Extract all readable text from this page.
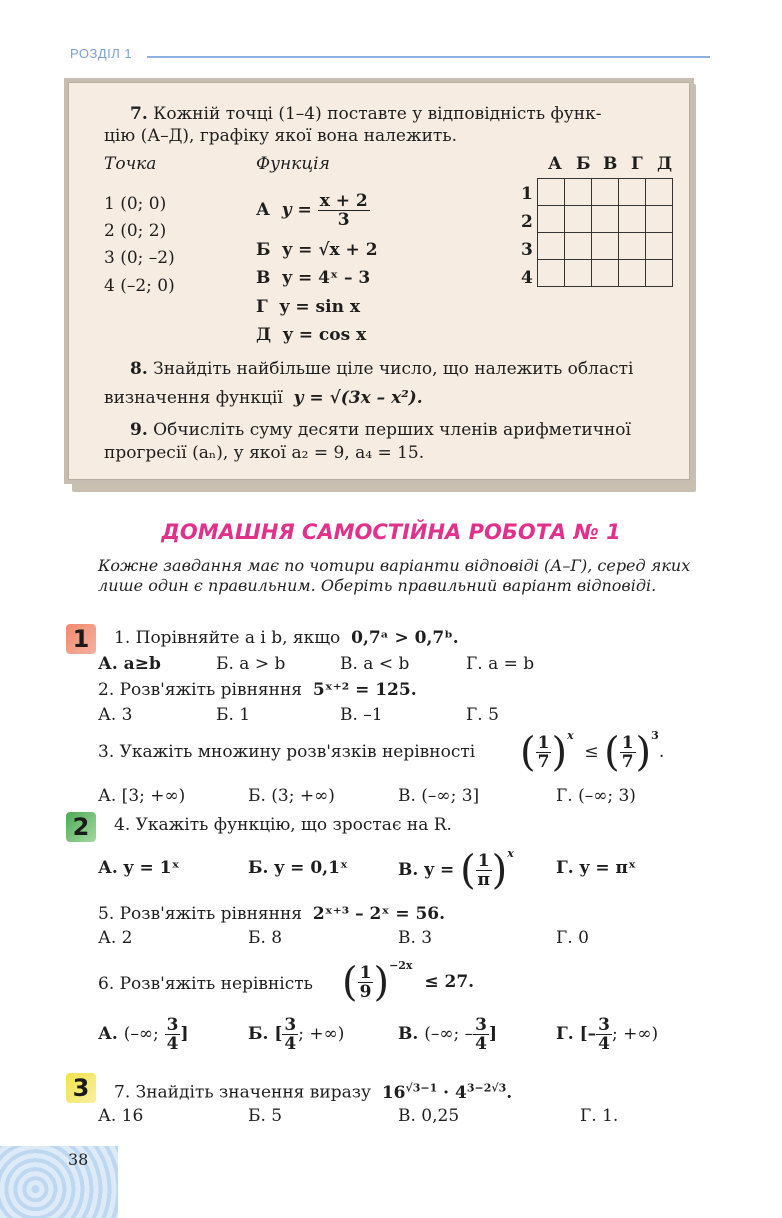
РОЗДІЛ 1
7. Кожній точці (1–4) поставте у відповідність функ-
цію (А–Д), графіку якої вона належить.
Точка	Функція
1 (0; 0)
2 (0; 2)
3 (0; –2)
4 (–2; 0)
А $y = \frac{x + 2}{3}$
Б y = √x + 2
В y = 4ˣ – 3
Г y = sin x
Д y = cos x
А Б В Г Д
1
2
3
4

8. Знайдіть найбільше ціле число, що належить області
визначення функції y = √(3x – x²).
9. Обчисліть суму десяти перших членів арифметичної
прогресії (aₙ), у якої a₂ = 9, a₄ = 15.
ДОМАШНЯ САМОСТІЙНА РОБОТА № 1
Кожне завдання має по чотири варіанти відповіді (А–Г), серед яких лише один є правильним. Оберіть правильний варіант відповіді.
1
2
3
1. Порівняйте a і b, якщо 0,7ᵃ > 0,7ᵇ.
А. a≥b	Б. a > b	В. a < b	Г. a = b
2. Розв'яжіть рівняння 5ˣ⁺² = 125.
А. 3	Б. 1	В. –1	Г. 5
3. Укажіть множину розв'язків нерівності ( $\frac{1}{7} )^x$  ≤ ( $\frac{1}{7} )^3$.
А. [3; +∞)	Б. (3; +∞)	В. (–∞; 3]	Г. (–∞; 3)
4. Укажіть функцію, що зростає на R.
А. y = 1ˣ	Б. y = 0,1ˣ	В. y = ( $\frac{1}{\pi} )^x$
Г. y = πˣ
5. Розв'яжіть рівняння 2ˣ⁺³ – 2ˣ = 56.
А. 2	Б. 8	В. 3	Г. 0
6. Розв'яжіть нерівність ( $\frac{1}{9} )^{-2x} \le 27$.
А. (–∞; $\frac{3}{4}$ ]	Б. [ $\frac{3}{4}$ ; +∞)	В. (–∞; – $\frac{3}{4}$ ]	Г. [– $\frac{3}{4}$ ; +∞)
7. Знайдіть значення виразу $16^{√3-1} \cdot 4^{3-2√3}$.
А. 16	Б. 5	В. 0,25	Г. 1.
38
